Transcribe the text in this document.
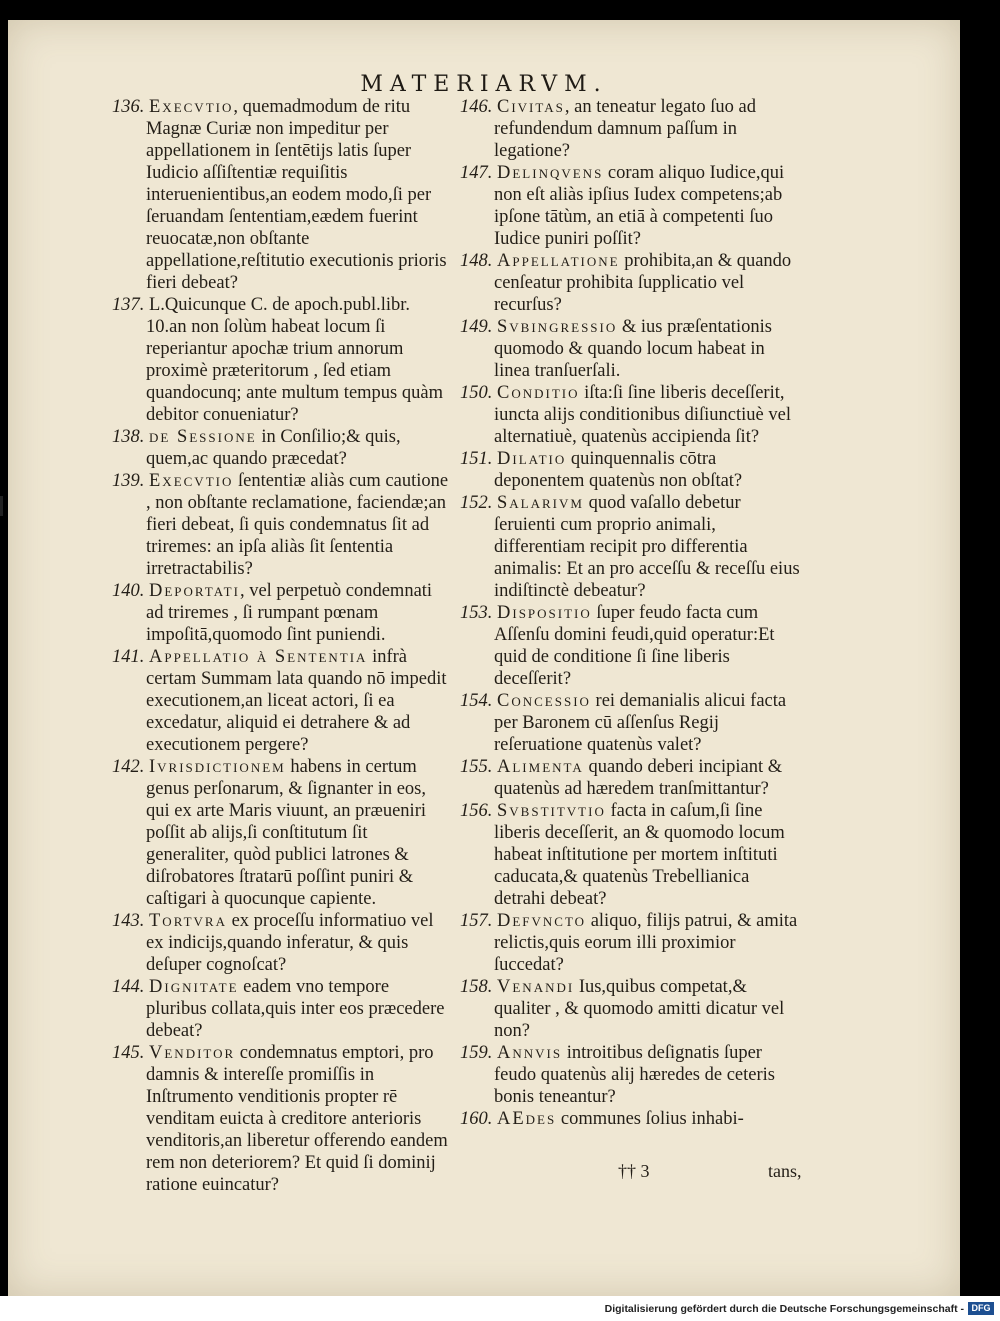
MATERIARVM.
136. Execvtio, quemadmodum de ritu Magnæ Curiæ non impeditur per appellationem in ſentētijs latis ſuper Iudicio aſſiſtentiæ requiſitis interuenientibus,an eodem modo,ſi per ſeruandam ſententiam,eædem fuerint reuocatæ,non obſtante appellatione,reſtitutio executionis prioris fieri debeat?
137. L.Quicunque C. de apoch.publ.libr. 10.an non ſolùm habeat locum ſi reperiantur apochæ trium annorum proximè præteritorum , ſed etiam quandocunq; ante multum tempus quàm debitor conueniatur?
138. de Sessione in Conſilio;& quis, quem,ac quando præcedat?
139. Execvtio ſententiæ aliàs cum cautione , non obſtante reclamatione, faciendæ;an fieri debeat, ſi quis condemnatus ſit ad triremes: an ipſa aliàs ſit ſententia irretractabilis?
140. Deportati, vel perpetuò condemnati ad triremes , ſi rumpant pœnam impoſitā,quomodo ſint puniendi.
141. Appellatio à Sententia infrà certam Summam lata quando nō impedit executionem,an liceat actori, ſi ea excedatur, aliquid ei detrahere & ad executionem pergere?
142. Ivrisdictionem habens in certum genus perſonarum, & ſignanter in eos, qui ex arte Maris viuunt, an præueniri poſſit ab alijs,ſi conſtitutum ſit generaliter, quòd publici latrones & diſrobatores ſtratarū poſſint puniri & caſtigari à quocunque capiente.
143. Tortvra ex proceſſu informatiuo vel ex indicijs,quando inferatur, & quis deſuper cognoſcat?
144. Dignitate eadem vno tempore pluribus collata,quis inter eos præcedere debeat?
145. Venditor condemnatus emptori, pro damnis & intereſſe promiſſis in Inſtrumento venditionis propter rē venditam euicta à creditore anterioris venditoris,an liberetur offerendo eandem rem non deteriorem? Et quid ſi dominij ratione euincatur?
146. Civitas, an teneatur legato ſuo ad refundendum damnum paſſum in legatione?
147. Delinqvens coram aliquo Iudice,qui non eſt aliàs ipſius Iudex competens;ab ipſone tātùm, an etiā à competenti ſuo Iudice puniri poſſit?
148. Appellatione prohibita,an & quando cenſeatur prohibita ſupplicatio vel recurſus?
149. Svbingressio & ius præſentationis quomodo & quando locum habeat in linea tranſuerſali.
150. Conditio iſta:ſi ſine liberis deceſſerit, iuncta alijs conditionibus diſiunctiuè vel alternatiuè, quatenùs accipienda ſit?
151. Dilatio quinquennalis cōtra deponentem quatenùs non obſtat?
152. Salarivm quod vaſallo debetur ſeruienti cum proprio animali, differentiam recipit pro differentia animalis: Et an pro acceſſu & receſſu eius indiſtinctè debeatur?
153. Dispositio ſuper feudo facta cum Aſſenſu domini feudi,quid operatur:Et quid de conditione ſi ſine liberis deceſſerit?
154. Concessio rei demanialis alicui facta per Baronem cū aſſenſus Regij reſeruatione quatenùs valet?
155. Alimenta quando deberi incipiant & quatenùs ad hæredem tranſmittantur?
156. Svbstitvtio facta in caſum,ſi ſine liberis deceſſerit, an & quomodo locum habeat inſtitutione per mortem inſtituti caducata,& quatenùs Trebellianica detrahi debeat?
157. Defvncto aliquo, filijs patrui, & amita relictis,quis eorum illi proximior ſuccedat?
158. Venandi Ius,quibus competat,& qualiter , & quomodo amitti dicatur vel non?
159. Annvis introitibus deſignatis ſuper feudo quatenùs alij hæredes de ceteris bonis teneantur?
160. AEdes communes ſolius inhabi-
†† 3	tans,
Digitalisierung gefördert durch die Deutsche Forschungsgemeinschaft - DFG
